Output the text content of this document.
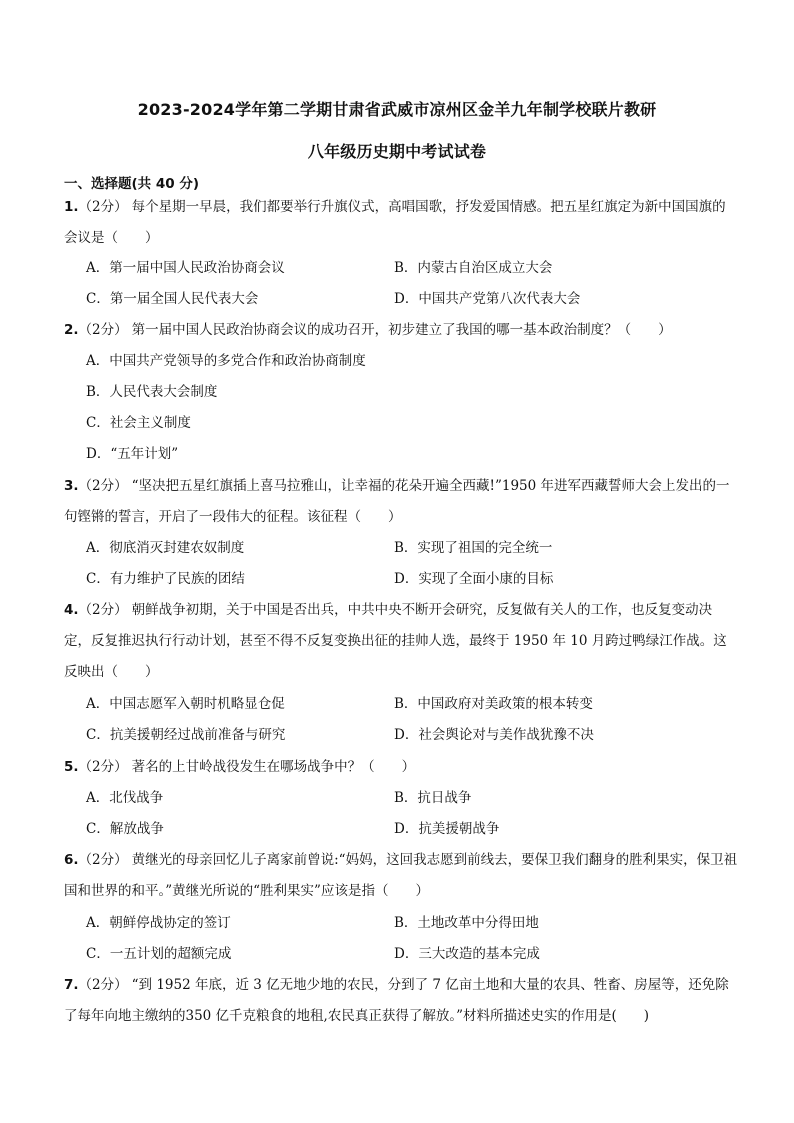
2023-2024学年第二学期甘肃省武威市凉州区金羊九年制学校联片教研
八年级历史期中考试试卷
一、选择题(共 40 分)
1.（2分） 每个星期一早晨，我们都要举行升旗仪式，高唱国歌，抒发爱国情感。把五星红旗定为新中国国旗的会议是（　　）
A．第一届中国人民政治协商会议	B．内蒙古自治区成立大会
C．第一届全国人民代表大会	D．中国共产党第八次代表大会
2.（2分） 第一届中国人民政治协商会议的成功召开，初步建立了我国的哪一基本政治制度？（　　）
A．中国共产党领导的多党合作和政治协商制度
B．人民代表大会制度
C．社会主义制度
D．“五年计划”
3.（2分） “坚决把五星红旗插上喜马拉雅山，让幸福的花朵开遍全西藏!”1950 年进军西藏誓师大会上发出的一句铿锵的誓言，开启了一段伟大的征程。该征程（　　）
A．彻底消灭封建农奴制度	B．实现了祖国的完全统一
C．有力维护了民族的团结	D．实现了全面小康的目标
4.（2分） 朝鲜战争初期，关于中国是否出兵，中共中央不断开会研究，反复做有关人的工作，也反复变动决定，反复推迟执行行动计划，甚至不得不反复变换出征的挂帅人选，最终于 1950 年 10 月跨过鸭绿江作战。这反映出（　　）
A．中国志愿军入朝时机略显仓促	B．中国政府对美政策的根本转变
C．抗美援朝经过战前准备与研究	D．社会舆论对与美作战犹豫不决
5.（2分） 著名的上甘岭战役发生在哪场战争中？（　　）
A．北伐战争	B．抗日战争
C．解放战争	D．抗美援朝战争
6.（2分） 黄继光的母亲回忆儿子离家前曾说:“妈妈，这回我志愿到前线去，要保卫我们翻身的胜利果实，保卫祖国和世界的和平。”黄继光所说的“胜利果实”应该是指（　　）
A．朝鲜停战协定的签订	B．土地改革中分得田地
C．一五计划的超额完成	D．三大改造的基本完成
7.（2分） “到 1952 年底，近 3 亿无地少地的农民，分到了 7 亿亩土地和大量的农具、牲畜、房屋等，还免除了每年向地主缴纳的350 亿千克粮食的地租,农民真正获得了解放。”材料所描述史实的作用是(　　)
